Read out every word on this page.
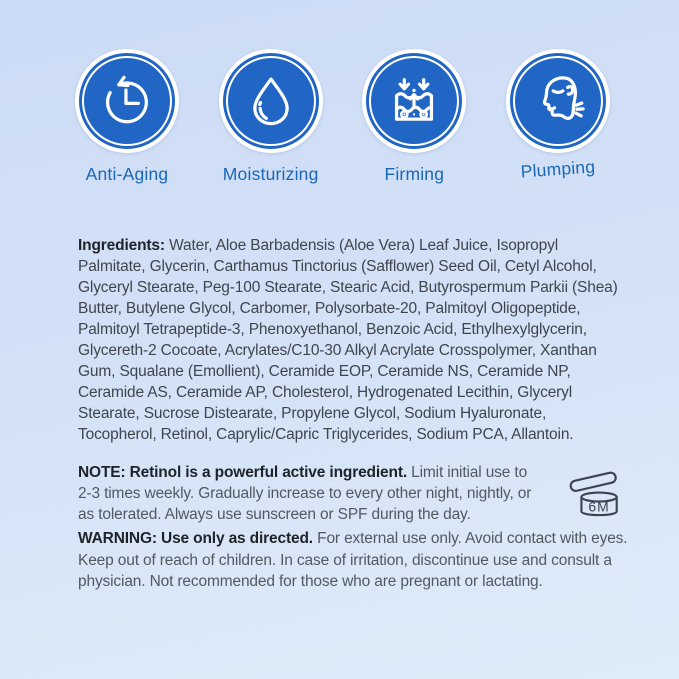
Anti-Aging	Moisturizing	Firming	Plumping

Ingredients: Water, Aloe Barbadensis (Aloe Vera) Leaf Juice, Isopropyl Palmitate, Glycerin, Carthamus Tinctorius (Safflower) Seed Oil, Cetyl Alcohol, Glyceryl Stearate, Peg-100 Stearate, Stearic Acid, Butyrospermum Parkii (Shea) Butter, Butylene Glycol, Carbomer, Polysorbate-20, Palmitoyl Oligopeptide, Palmitoyl Tetrapeptide-3, Phenoxyethanol, Benzoic Acid, Ethylhexylglycerin, Glycereth-2 Cocoate, Acrylates/C10-30 Alkyl Acrylate Crosspolymer, Xanthan Gum, Squalane (Emollient), Ceramide EOP, Ceramide NS, Ceramide NP, Ceramide AS, Ceramide AP, Cholesterol, Hydrogenated Lecithin, Glyceryl Stearate, Sucrose Distearate, Propylene Glycol, Sodium Hyaluronate, Tocopherol, Retinol, Caprylic/Capric Triglycerides, Sodium PCA, Allantoin.

NOTE: Retinol is a powerful active ingredient. Limit initial use to 2-3 times weekly. Gradually increase to every other night, nightly, or as tolerated. Always use sunscreen or SPF during the day.	6M

WARNING: Use only as directed. For external use only. Avoid contact with eyes. Keep out of reach of children. In case of irritation, discontinue use and consult a physician. Not recommended for those who are pregnant or lactating.
